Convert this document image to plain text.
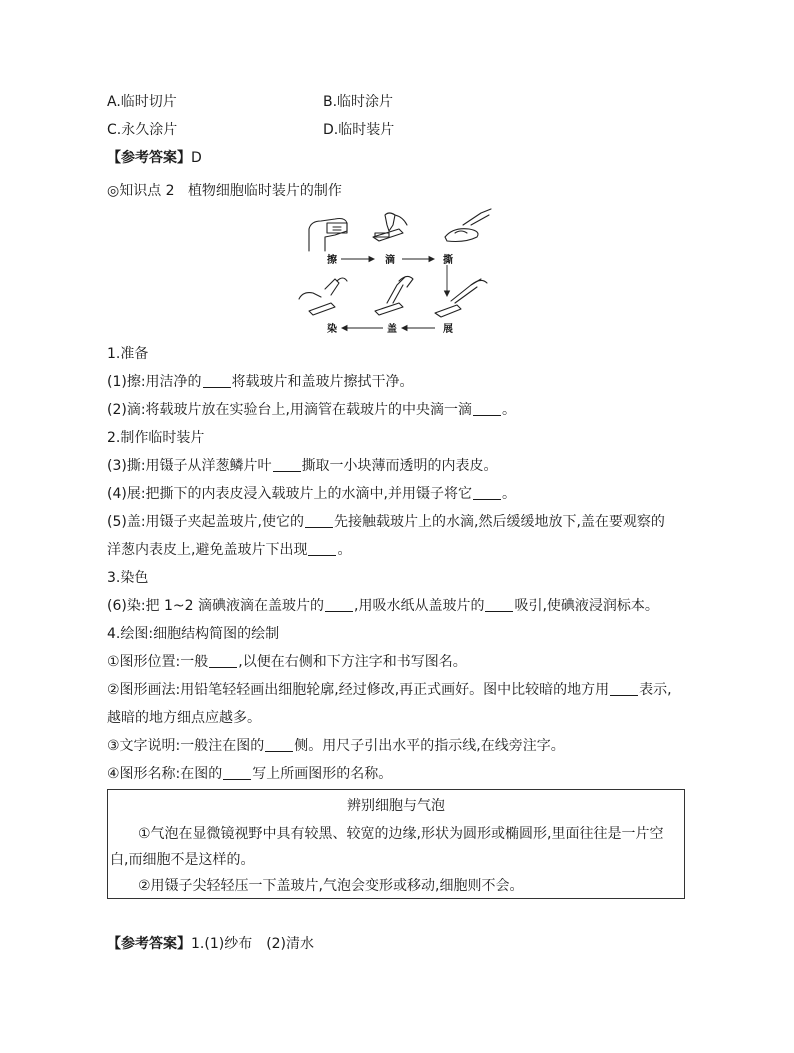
A.临时切片	B.临时涂片
C.永久涂片	D.临时装片
【参考答案】D
◎知识点 2 植物细胞临时装片的制作
擦	滴	撕
染	盖	展
1.准备
(1)擦:用洁净的 将载玻片和盖玻片擦拭干净。
(2)滴:将载玻片放在实验台上,用滴管在载玻片的中央滴一滴 。
2.制作临时装片
(3)撕:用镊子从洋葱鳞片叶 撕取一小块薄而透明的内表皮。
(4)展:把撕下的内表皮浸入载玻片上的水滴中,并用镊子将它 。
(5)盖:用镊子夹起盖玻片,使它的 先接触载玻片上的水滴,然后缓缓地放下,盖在要观察的
洋葱内表皮上,避免盖玻片下出现 。
3.染色
(6)染:把 1~2 滴碘液滴在盖玻片的 ,用吸水纸从盖玻片的 吸引,使碘液浸润标本。
4.绘图:细胞结构简图的绘制
①图形位置:一般 ,以便在右侧和下方注字和书写图名。
②图形画法:用铅笔轻轻画出细胞轮廓,经过修改,再正式画好。图中比较暗的地方用 表示,
越暗的地方细点应越多。
③文字说明:一般注在图的 侧。用尺子引出水平的指示线,在线旁注字。
④图形名称:在图的 写上所画图形的名称。
辨别细胞与气泡
①气泡在显微镜视野中具有较黑、较宽的边缘,形状为圆形或椭圆形,里面往往是一片空
白,而细胞不是这样的。
②用镊子尖轻轻压一下盖玻片,气泡会变形或移动,细胞则不会。
【参考答案】1.(1)纱布　(2)清水
